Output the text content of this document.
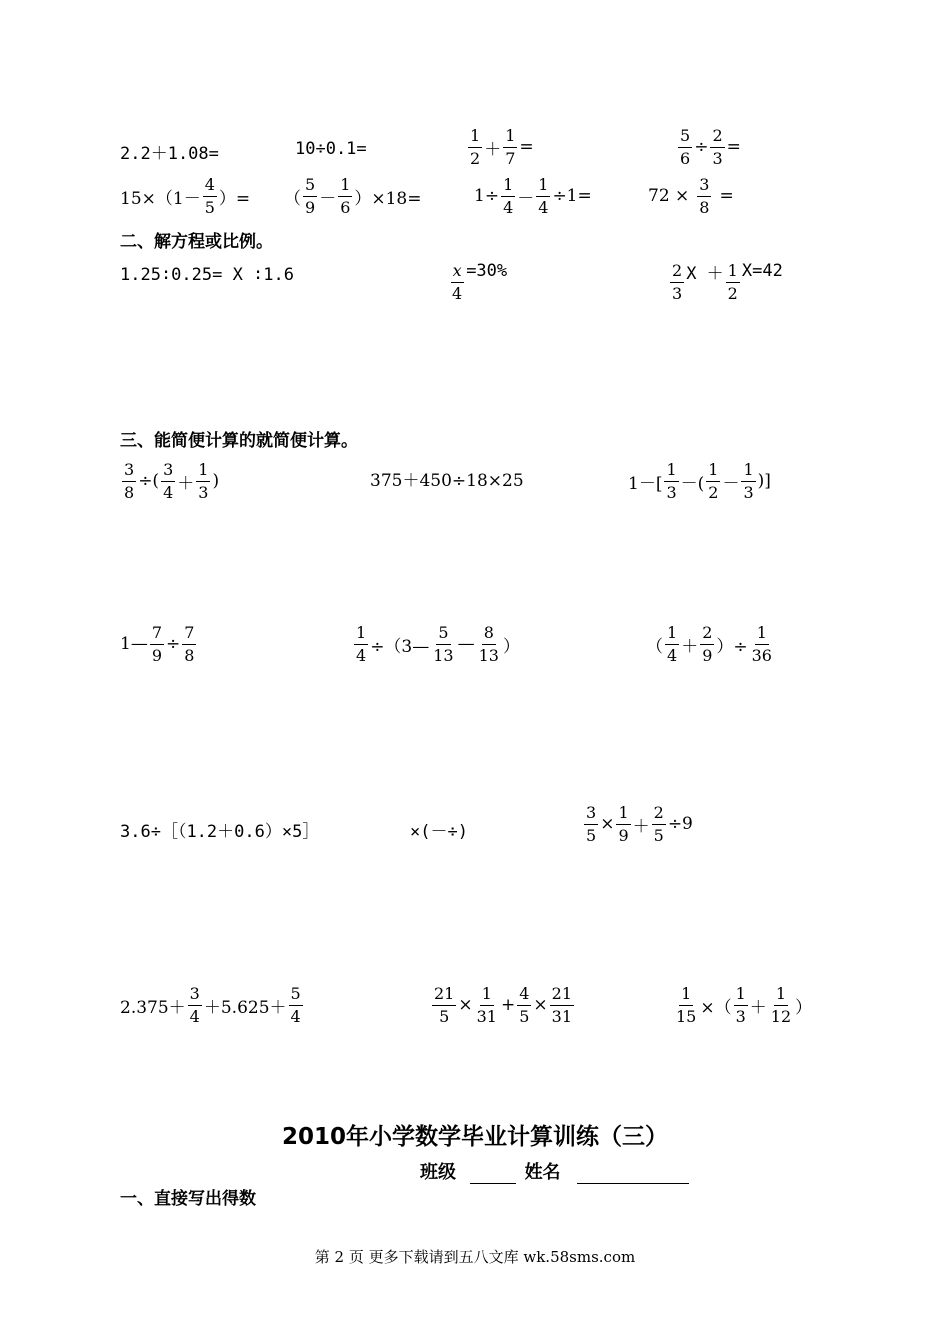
2.2＋1.08=	10÷0.1=	$\frac{1}{2} + \frac{1}{7}$ =	$\frac{5}{6} \div \frac{2}{3}$ =
$15\times(1- \frac{4}{5}$ ）= （ $\frac{5}{9} - \frac{1}{6} )\times 18=$	$1\div \frac{1}{4} - \frac{1}{4} \div 1=$	$72 \times \frac{3}{8}$ =
二、解方程或比例。
1.25∶0.25= X ∶1.6	$\frac{x}{4} =30\%$	$\frac{2}{3}$ $X + \frac{1}{2} X=42$
三、能简便计算的就简便计算。
$\frac{3}{8}$ ÷( $\frac{3}{4} + \frac{1}{3}$ )	375＋450÷18×25	$1-[ \frac{1}{3}$ －( $\frac{1}{2} - \frac{1}{3}$ )]
1— $\frac{7}{9} \div \frac{7}{8}$	$\frac{1}{4}$ ÷（3— $\frac{5}{13}$ — $\frac{8}{13}$ ）	（ $\frac{1}{4} + \frac{2}{9}$ ）÷ $\frac{1}{36}$
3.6÷［（1.2＋0.6）×5］	×(－÷)	$\frac{3}{5} \times \frac{1}{9} + \frac{2}{5} \div 9$
$2.375+ \frac{3}{4} +5.625+ \frac{5}{4}$	$\frac{21}{5} \times \frac{1}{31} + \frac{4}{5} \times \frac{21}{31}$	$\frac{1}{15}$ ×（ $\frac{1}{3} + \frac{1}{12}$ ）
2010年小学数学毕业计算训练（三）
班级	姓名
一、直接写出得数
第 2 页 更多下载请到五八文库 wk.58sms.com
